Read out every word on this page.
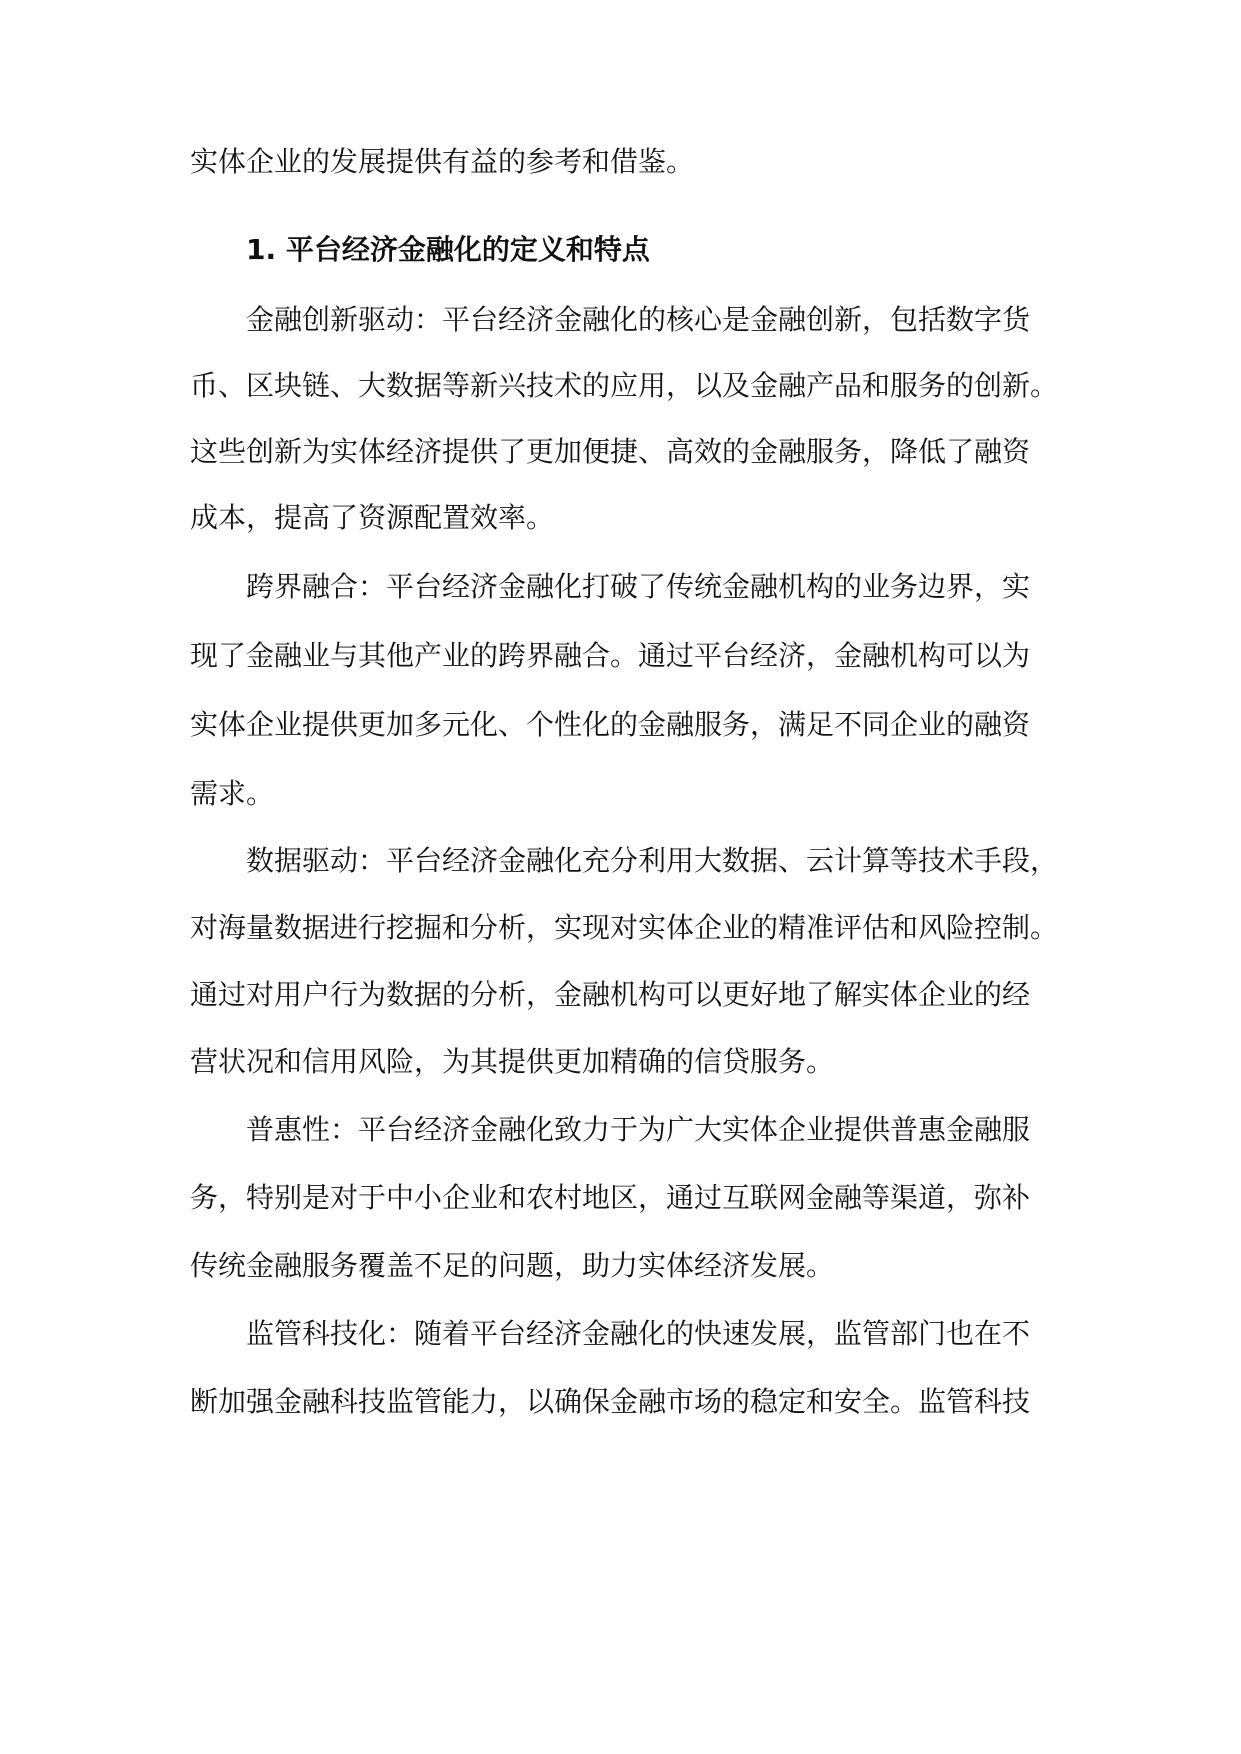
实体企业的发展提供有益的参考和借鉴。
1. 平台经济金融化的定义和特点
金融创新驱动：平台经济金融化的核心是金融创新，包括数字货
币、区块链、大数据等新兴技术的应用，以及金融产品和服务的创新。
这些创新为实体经济提供了更加便捷、高效的金融服务，降低了融资
成本，提高了资源配置效率。
跨界融合：平台经济金融化打破了传统金融机构的业务边界，实
现了金融业与其他产业的跨界融合。通过平台经济，金融机构可以为
实体企业提供更加多元化、个性化的金融服务，满足不同企业的融资
需求。
数据驱动：平台经济金融化充分利用大数据、云计算等技术手段，
对海量数据进行挖掘和分析，实现对实体企业的精准评估和风险控制。
通过对用户行为数据的分析，金融机构可以更好地了解实体企业的经
营状况和信用风险，为其提供更加精确的信贷服务。
普惠性：平台经济金融化致力于为广大实体企业提供普惠金融服
务，特别是对于中小企业和农村地区，通过互联网金融等渠道，弥补
传统金融服务覆盖不足的问题，助力实体经济发展。
监管科技化：随着平台经济金融化的快速发展，监管部门也在不
断加强金融科技监管能力，以确保金融市场的稳定和安全。监管科技
